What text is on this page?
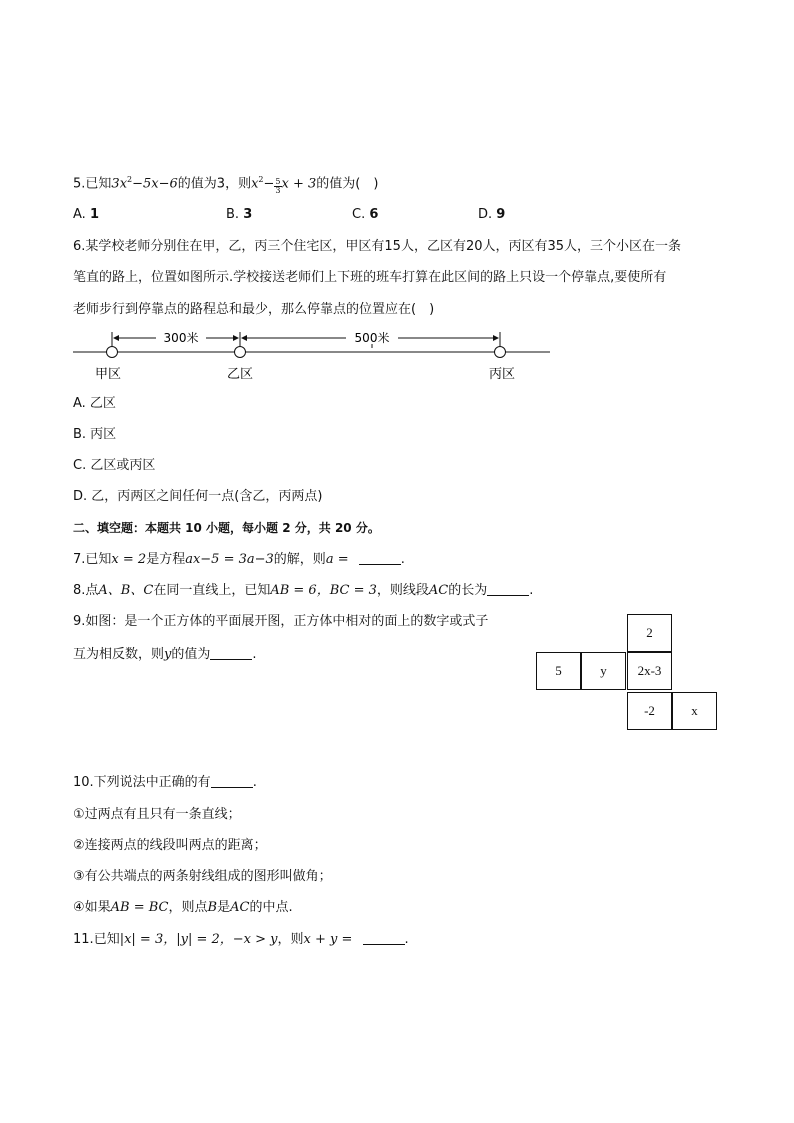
5.已知$3x^2-5x-6$的值为3，则$x^2- \frac{5}{3}$ x + 3的值为(　)
A. 1	B. 3	C. 6	D. 9
6.某学校老师分别住在甲，乙，丙三个住宅区，甲区有15人，乙区有20人，丙区有35人，三个小区在一条
笔直的路上，位置如图所示.学校接送老师们上下班的班车打算在此区间的路上只设一个停靠点,要使所有
老师步行到停靠点的路程总和最少，那么停靠点的位置应在(　)
300米	500米
甲区	乙区	丙区
A. 乙区
B. 丙区
C. 乙区或丙区
D. 乙，丙两区之间任何一点(含乙，丙两点)
二、填空题：本题共 10 小题，每小题 2 分，共 20 分。
7.已知x = 2是方程ax−5 = 3a−3的解，则a =	.
8.点A、B、C在同一直线上，已知AB = 6，BC = 3，则线段AC的长为	.
9.如图：是一个正方体的平面展开图，正方体中相对的面上的数字或式子
互为相反数，则y的值为	.
2
5	y	2x-3
-2	x
10.下列说法中正确的有	.
①过两点有且只有一条直线；
②连接两点的线段叫两点的距离；
③有公共端点的两条射线组成的图形叫做角；
④如果AB = BC，则点B是AC的中点.
11.已知|x| = 3，|y| = 2，−x > y，则x + y =	.
